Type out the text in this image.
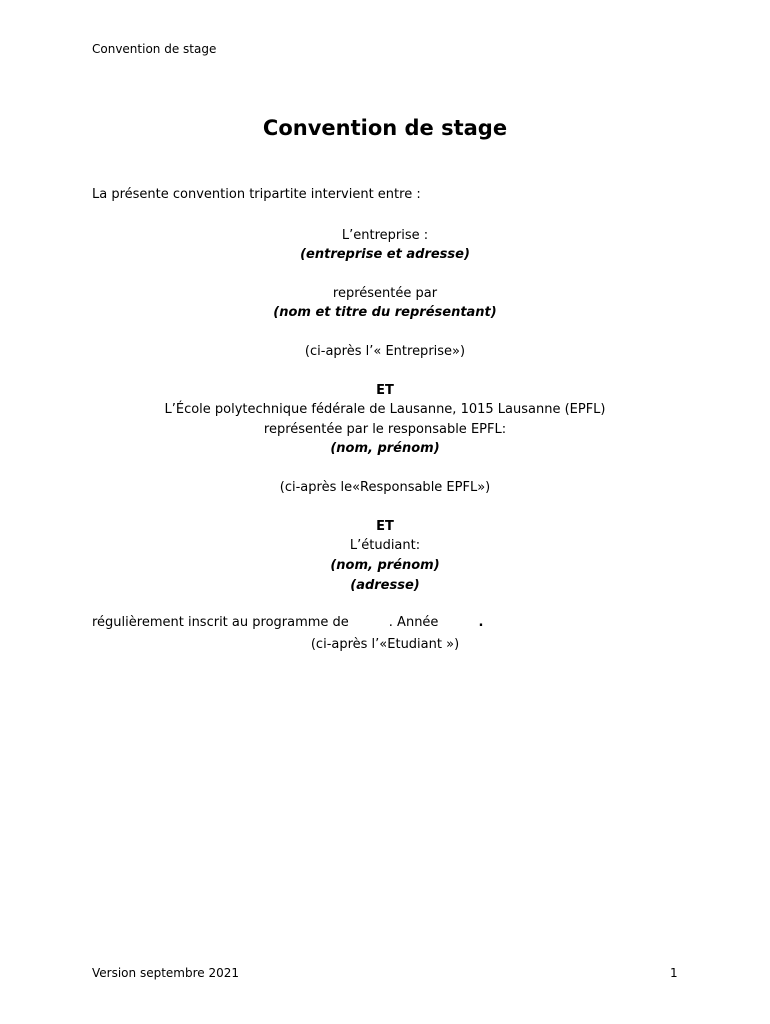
Convention de stage
Convention de stage
La présente convention tripartite intervient entre :
L’entreprise :
(entreprise et adresse)
représentée par
(nom et titre du représentant)
(ci-après l’« Entreprise»)
ET
L’École polytechnique fédérale de Lausanne, 1015 Lausanne (EPFL)
représentée par le responsable EPFL:
(nom, prénom)
(ci-après le«Responsable EPFL»)
ET
L’étudiant:
(nom, prénom)
(adresse)
régulièrement inscrit au programme de	. Année	.
(ci-après l’«Etudiant »)
Version septembre 2021	1
